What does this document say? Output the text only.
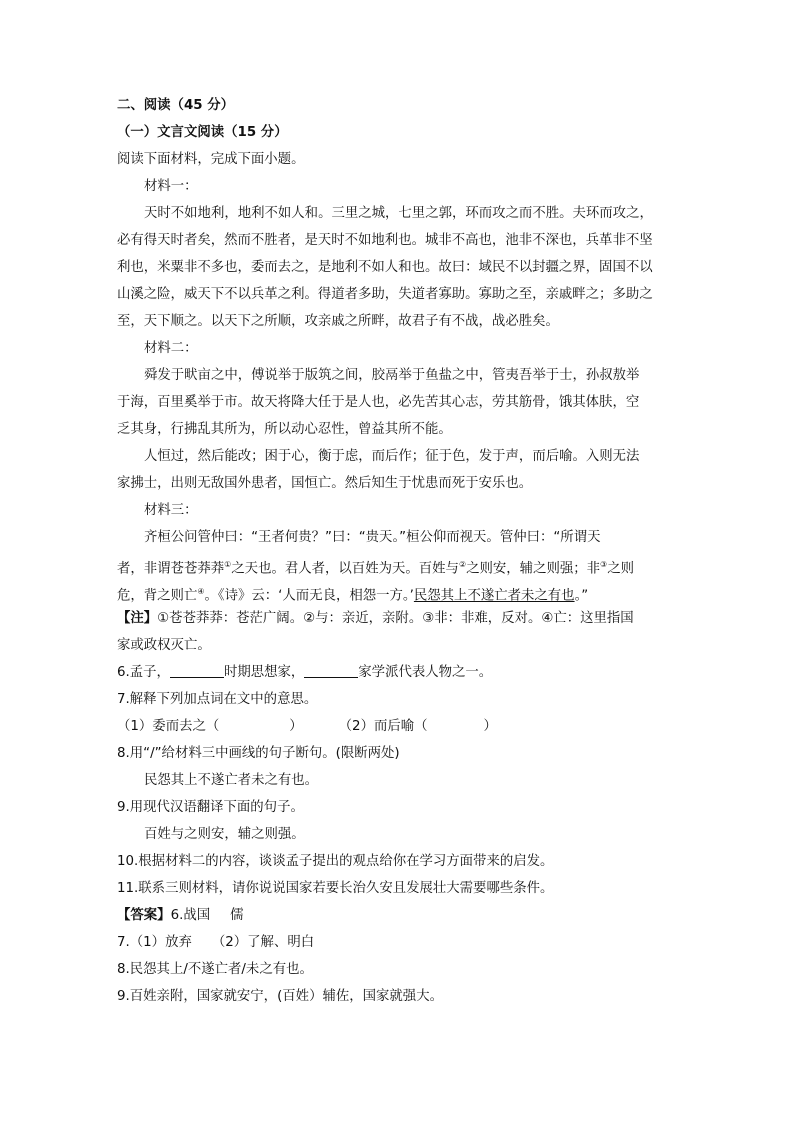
二、阅读（45 分）
（一）文言文阅读（15 分）
阅读下面材料，完成下面小题。
材料一：
天时不如地利，地利不如人和。三里之城，七里之郭，环而攻之而不胜。夫环而攻之，
必有得天时者矣，然而不胜者，是天时不如地利也。城非不高也，池非不深也，兵革非不坚
利也，米粟非不多也，委而去之，是地利不如人和也。故曰：域民不以封疆之界，固国不以
山溪之险，威天下不以兵革之利。得道者多助，失道者寡助。寡助之至，亲戚畔之；多助之
至，天下顺之。以天下之所顺，攻亲戚之所畔，故君子有不战，战必胜矣。
材料二：
舜发于畎亩之中，傅说举于版筑之间，胶鬲举于鱼盐之中，管夷吾举于士，孙叔敖举
于海，百里奚举于市。故天将降大任于是人也，必先苦其心志，劳其筋骨，饿其体肤，空
乏其身，行拂乱其所为，所以动心忍性，曾益其所不能。
人恒过，然后能改；困于心，衡于虑，而后作；征于色，发于声，而后喻。入则无法
家拂士，出则无敌国外患者，国恒亡。然后知生于忧患而死于安乐也。
材料三：
齐桓公问管仲曰：“王者何贵？”曰：“贵天。”桓公仰而视天。管仲曰：“所谓天
者，非谓苍苍莽莽①之天也。君人者，以百姓为天。百姓与②之则安，辅之则强；非③之则
危，背之则亡④。《诗》云：‘人而无良，相怨一方。’民怨其上不遂亡者未之有也。”
【注】①苍苍莽莽：苍茫广阔。②与：亲近，亲附。③非：非难，反对。④亡：这里指国
家或政权灭亡。
6.孟子，	时期思想家，	家学派代表人物之一。
7.解释下列加点词在文中的意思。
（1）委而去之（	）	（2）而后喻（	）
8.用“/”给材料三中画线的句子断句。(限断两处)
民怨其上不遂亡者未之有也。
9.用现代汉语翻译下面的句子。
百姓与之则安，辅之则强。
10.根据材料二的内容，谈谈孟子提出的观点给你在学习方面带来的启发。
11.联系三则材料，请你说说国家若要长治久安且发展壮大需要哪些条件。
【答案】6.战国 儒
7.（1）放弃 （2）了解、明白
8.民怨其上/不遂亡者/未之有也。
9.百姓亲附，国家就安宁，(百姓）辅佐，国家就强大。
